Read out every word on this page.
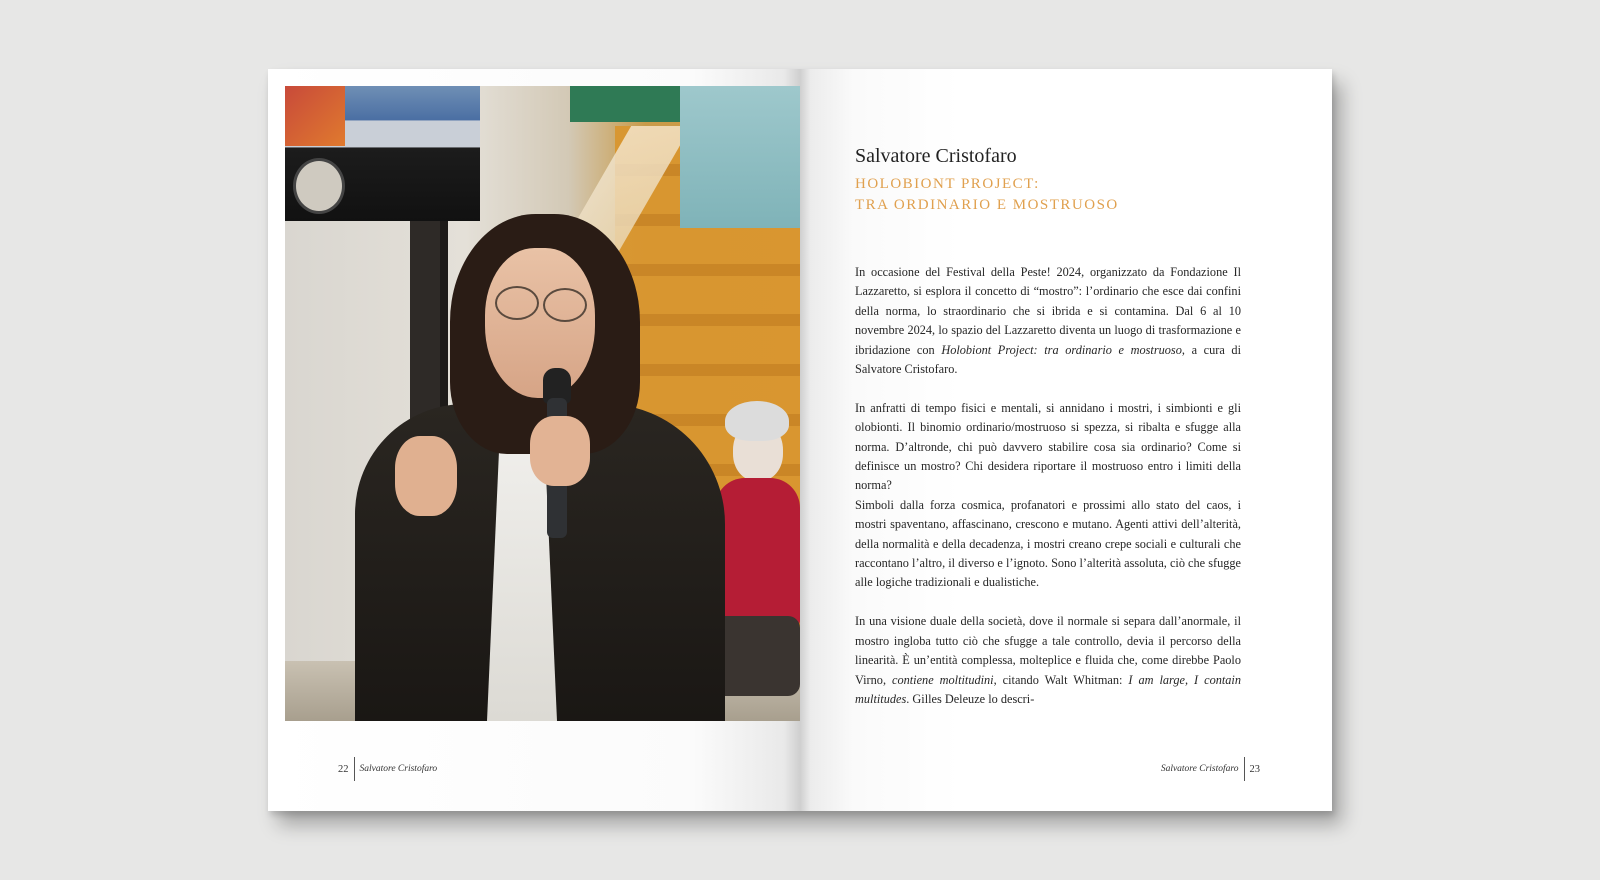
22 Salvatore Cristofaro
Salvatore Cristofaro
HOLOBIONT PROJECT:
TRA ORDINARIO E MOSTRUOSO

In occasione del Festival della Peste! 2024, organizzato da Fondazione Il Lazzaretto, si esplora il concetto di “mostro”: l’ordinario che esce dai confini della norma, lo straordinario che si ibrida e si contamina. Dal 6 al 10 novembre 2024, lo spazio del Lazzaretto diventa un luogo di trasformazione e ibridazione con Holobiont Project: tra ordinario e mostruoso, a cura di Salvatore Cristofaro.

In anfratti di tempo fisici e mentali, si annidano i mostri, i simbionti e gli olobionti. Il binomio ordinario/mostruoso si spezza, si ribalta e sfugge alla norma. D’altronde, chi può davvero stabilire cosa sia ordinario? Come si definisce un mostro? Chi desidera riportare il mostruoso entro i limiti della norma?

Simboli dalla forza cosmica, profanatori e prossimi allo stato del caos, i mostri spaventano, affascinano, crescono e mutano. Agenti attivi dell’alterità, della normalità e della decadenza, i mostri creano crepe sociali e culturali che raccontano l’altro, il diverso e l’ignoto. Sono l’alterità assoluta, ciò che sfugge alle logiche tradizionali e dualistiche.

In una visione duale della società, dove il normale si separa dall’anormale, il mostro ingloba tutto ciò che sfugge a tale controllo, devia il percorso della linearità. È un’entità complessa, molteplice e fluida che, come direbbe Paolo Virno, contiene moltitudini, citando Walt Whitman: I am large, I contain multitudes. Gilles Deleuze lo descri-

Salvatore Cristofaro 23
